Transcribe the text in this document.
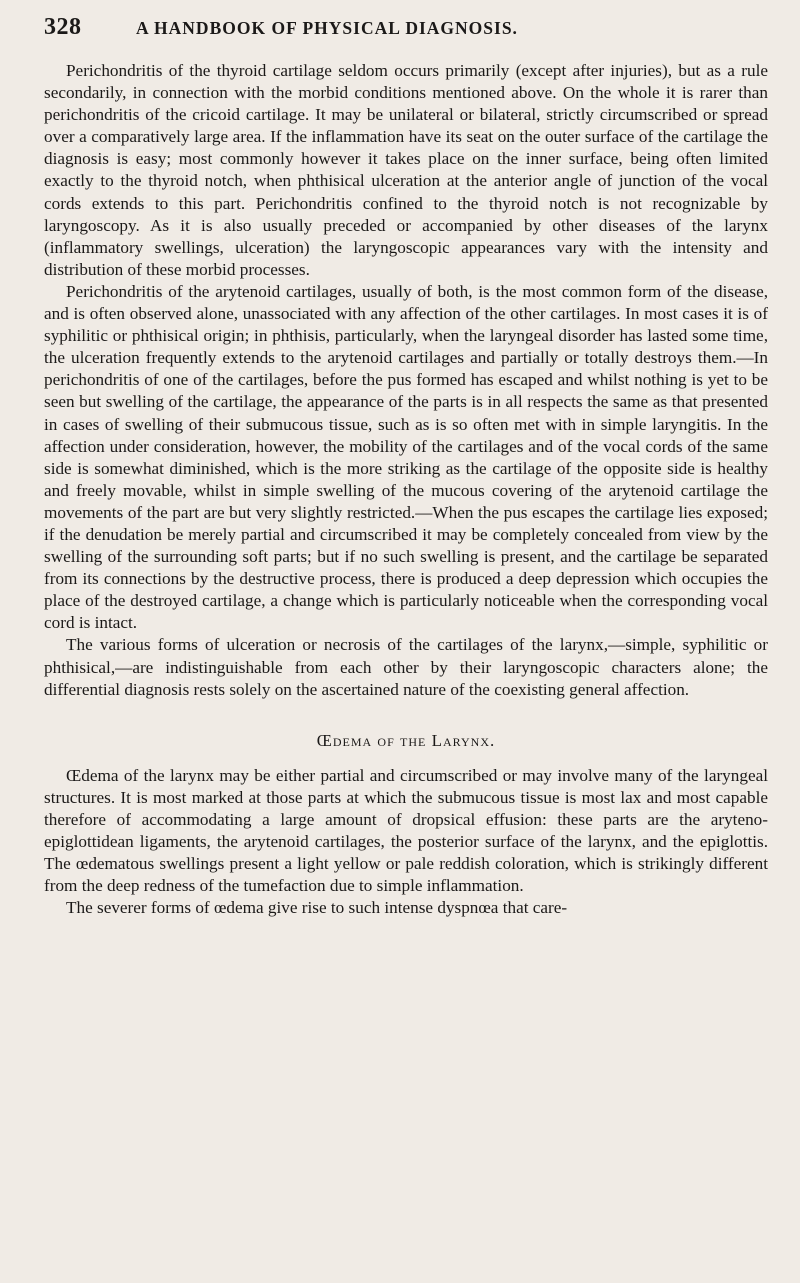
328	A HANDBOOK OF PHYSICAL DIAGNOSIS.

Perichondritis of the thyroid cartilage seldom occurs primarily (except after injuries), but as a rule secondarily, in connection with the morbid conditions mentioned above. On the whole it is rarer than perichondritis of the cricoid cartilage. It may be unilateral or bilateral, strictly circumscribed or spread over a comparatively large area. If the inflammation have its seat on the outer surface of the cartilage the diagnosis is easy; most commonly however it takes place on the inner surface, being often limited exactly to the thyroid notch, when phthisical ulceration at the anterior angle of junction of the vocal cords extends to this part. Perichondritis confined to the thyroid notch is not recognizable by laryngoscopy. As it is also usually preceded or accompanied by other diseases of the larynx (inflammatory swellings, ulceration) the laryngoscopic appearances vary with the intensity and distribution of these morbid processes.

Perichondritis of the arytenoid cartilages, usually of both, is the most common form of the disease, and is often observed alone, unassociated with any affection of the other cartilages. In most cases it is of syphilitic or phthisical origin; in phthisis, particularly, when the laryngeal disorder has lasted some time, the ulceration frequently extends to the arytenoid cartilages and partially or totally destroys them.—In perichondritis of one of the cartilages, before the pus formed has escaped and whilst nothing is yet to be seen but swelling of the cartilage, the appearance of the parts is in all respects the same as that presented in cases of swelling of their submucous tissue, such as is so often met with in simple laryngitis. In the affection under consideration, however, the mobility of the cartilages and of the vocal cords of the same side is somewhat diminished, which is the more striking as the cartilage of the opposite side is healthy and freely movable, whilst in simple swelling of the mucous covering of the arytenoid cartilage the movements of the part are but very slightly restricted.—When the pus escapes the cartilage lies exposed; if the denudation be merely partial and circumscribed it may be completely concealed from view by the swelling of the surrounding soft parts; but if no such swelling is present, and the cartilage be separated from its connections by the destructive process, there is produced a deep depression which occupies the place of the destroyed cartilage, a change which is particularly noticeable when the corresponding vocal cord is intact.

The various forms of ulceration or necrosis of the cartilages of the larynx,—simple, syphilitic or phthisical,—are indistinguishable from each other by their laryngoscopic characters alone; the differential diagnosis rests solely on the ascertained nature of the coexisting general affection.

Œdema of the Larynx.

Œdema of the larynx may be either partial and circumscribed or may involve many of the laryngeal structures. It is most marked at those parts at which the submucous tissue is most lax and most capable therefore of accommodating a large amount of dropsical effusion: these parts are the aryteno-epiglottidean ligaments, the arytenoid cartilages, the posterior surface of the larynx, and the epiglottis. The œdematous swellings present a light yellow or pale reddish coloration, which is strikingly different from the deep redness of the tumefaction due to simple inflammation.

The severer forms of œdema give rise to such intense dyspnœa that care-
